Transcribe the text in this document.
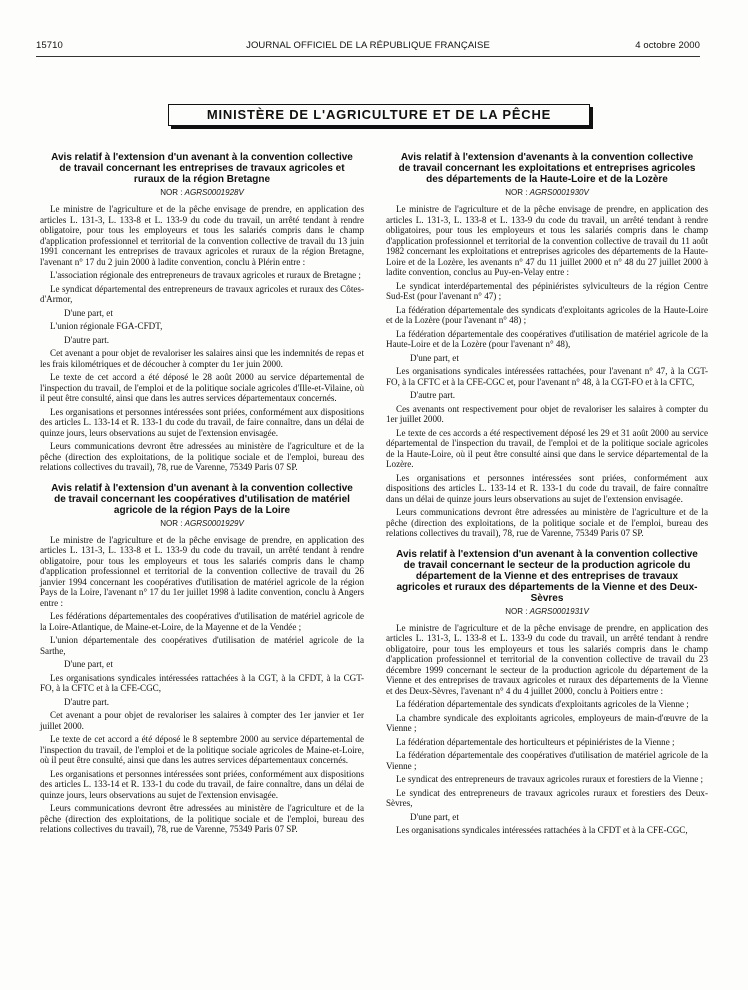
15710	JOURNAL OFFICIEL DE LA RÉPUBLIQUE FRANÇAISE	4 octobre 2000
MINISTÈRE DE L'AGRICULTURE ET DE LA PÊCHE
Avis relatif à l'extension d'un avenant à la convention collective de travail concernant les entreprises de travaux agricoles et ruraux de la région Bretagne
NOR : AGRS0001928V

Le ministre de l'agriculture et de la pêche envisage de prendre, en application des articles L. 131-3, L. 133-8 et L. 133-9 du code du travail, un arrêté tendant à rendre obligatoire, pour tous les employeurs et tous les salariés compris dans le champ d'application professionnel et territorial de la convention collective de travail du 13 juin 1991 concernant les entreprises de travaux agricoles et ruraux de la région Bretagne, l'avenant n° 17 du 2 juin 2000 à ladite convention, conclu à Plérin entre :

L'association régionale des entrepreneurs de travaux agricoles et ruraux de Bretagne ;

Le syndicat départemental des entrepreneurs de travaux agricoles et ruraux des Côtes-d'Armor,

D'une part, et

L'union régionale FGA-CFDT,

D'autre part.

Cet avenant a pour objet de revaloriser les salaires ainsi que les indemnités de repas et les frais kilométriques et de découcher à compter du 1er juin 2000.

Le texte de cet accord a été déposé le 28 août 2000 au service départemental de l'inspection du travail, de l'emploi et de la politique sociale agricoles d'Ille-et-Vilaine, où il peut être consulté, ainsi que dans les autres services départementaux concernés.

Les organisations et personnes intéressées sont priées, conformément aux dispositions des articles L. 133-14 et R. 133-1 du code du travail, de faire connaître, dans un délai de quinze jours, leurs observations au sujet de l'extension envisagée.

Leurs communications devront être adressées au ministère de l'agriculture et de la pêche (direction des exploitations, de la politique sociale et de l'emploi, bureau des relations collectives du travail), 78, rue de Varenne, 75349 Paris 07 SP.

Avis relatif à l'extension d'un avenant à la convention collective de travail concernant les coopératives d'utilisation de matériel agricole de la région Pays de la Loire
NOR : AGRS0001929V

Le ministre de l'agriculture et de la pêche envisage de prendre, en application des articles L. 131-3, L. 133-8 et L. 133-9 du code du travail, un arrêté tendant à rendre obligatoire, pour tous les employeurs et tous les salariés compris dans le champ d'application professionnel et territorial de la convention collective de travail du 26 janvier 1994 concernant les coopératives d'utilisation de matériel agricole de la région Pays de la Loire, l'avenant n° 17 du 1er juillet 1998 à ladite convention, conclu à Angers entre :

Les fédérations départementales des coopératives d'utilisation de matériel agricole de la Loire-Atlantique, de Maine-et-Loire, de la Mayenne et de la Vendée ;

L'union départementale des coopératives d'utilisation de matériel agricole de la Sarthe,

D'une part, et

Les organisations syndicales intéressées rattachées à la CGT, à la CFDT, à la CGT-FO, à la CFTC et à la CFE-CGC,

D'autre part.

Cet avenant a pour objet de revaloriser les salaires à compter des 1er janvier et 1er juillet 2000.

Le texte de cet accord a été déposé le 8 septembre 2000 au service départemental de l'inspection du travail, de l'emploi et de la politique sociale agricoles de Maine-et-Loire, où il peut être consulté, ainsi que dans les autres services départementaux concernés.

Les organisations et personnes intéressées sont priées, conformément aux dispositions des articles L. 133-14 et R. 133-1 du code du travail, de faire connaître, dans un délai de quinze jours, leurs observations au sujet de l'extension envisagée.

Leurs communications devront être adressées au ministère de l'agriculture et de la pêche (direction des exploitations, de la politique sociale et de l'emploi, bureau des relations collectives du travail), 78, rue de Varenne, 75349 Paris 07 SP.

Avis relatif à l'extension d'avenants à la convention collective de travail concernant les exploitations et entreprises agricoles des départements de la Haute-Loire et de la Lozère
NOR : AGRS0001930V

Le ministre de l'agriculture et de la pêche envisage de prendre, en application des articles L. 131-3, L. 133-8 et L. 133-9 du code du travail, un arrêté tendant à rendre obligatoires, pour tous les employeurs et tous les salariés compris dans le champ d'application professionnel et territorial de la convention collective de travail du 11 août 1982 concernant les exploitations et entreprises agricoles des départements de la Haute-Loire et de la Lozère, les avenants n° 47 du 11 juillet 2000 et n° 48 du 27 juillet 2000 à ladite convention, conclus au Puy-en-Velay entre :

Le syndicat interdépartemental des pépiniéristes sylviculteurs de la région Centre Sud-Est (pour l'avenant n° 47) ;

La fédération départementale des syndicats d'exploitants agricoles de la Haute-Loire et de la Lozère (pour l'avenant n° 48) ;

La fédération départementale des coopératives d'utilisation de matériel agricole de la Haute-Loire et de la Lozère (pour l'avenant n° 48),

D'une part, et

Les organisations syndicales intéressées rattachées, pour l'avenant n° 47, à la CGT-FO, à la CFTC et à la CFE-CGC et, pour l'avenant n° 48, à la CGT-FO et à la CFTC,

D'autre part.

Ces avenants ont respectivement pour objet de revaloriser les salaires à compter du 1er juillet 2000.

Le texte de ces accords a été respectivement déposé les 29 et 31 août 2000 au service départemental de l'inspection du travail, de l'emploi et de la politique sociale agricoles de la Haute-Loire, où il peut être consulté ainsi que dans le service départemental de la Lozère.

Les organisations et personnes intéressées sont priées, conformément aux dispositions des articles L. 133-14 et R. 133-1 du code du travail, de faire connaître dans un délai de quinze jours leurs observations au sujet de l'extension envisagée.

Leurs communications devront être adressées au ministère de l'agriculture et de la pêche (direction des exploitations, de la politique sociale et de l'emploi, bureau des relations collectives du travail), 78, rue de Varenne, 75349 Paris 07 SP.

Avis relatif à l'extension d'un avenant à la convention collective de travail concernant le secteur de la production agricole du département de la Vienne et des entreprises de travaux agricoles et ruraux des départements de la Vienne et des Deux-Sèvres
NOR : AGRS0001931V

Le ministre de l'agriculture et de la pêche envisage de prendre, en application des articles L. 131-3, L. 133-8 et L. 133-9 du code du travail, un arrêté tendant à rendre obligatoire, pour tous les employeurs et tous les salariés compris dans le champ d'application professionnel et territorial de la convention collective de travail du 23 décembre 1999 concernant le secteur de la production agricole du département de la Vienne et des entreprises de travaux agricoles et ruraux des départements de la Vienne et des Deux-Sèvres, l'avenant n° 4 du 4 juillet 2000, conclu à Poitiers entre :

La fédération départementale des syndicats d'exploitants agricoles de la Vienne ;

La chambre syndicale des exploitants agricoles, employeurs de main-d'œuvre de la Vienne ;

La fédération départementale des horticulteurs et pépiniéristes de la Vienne ;

La fédération départementale des coopératives d'utilisation de matériel agricole de la Vienne ;

Le syndicat des entrepreneurs de travaux agricoles ruraux et forestiers de la Vienne ;

Le syndicat des entrepreneurs de travaux agricoles ruraux et forestiers des Deux-Sèvres,

D'une part, et

Les organisations syndicales intéressées rattachées à la CFDT et à la CFE-CGC,
